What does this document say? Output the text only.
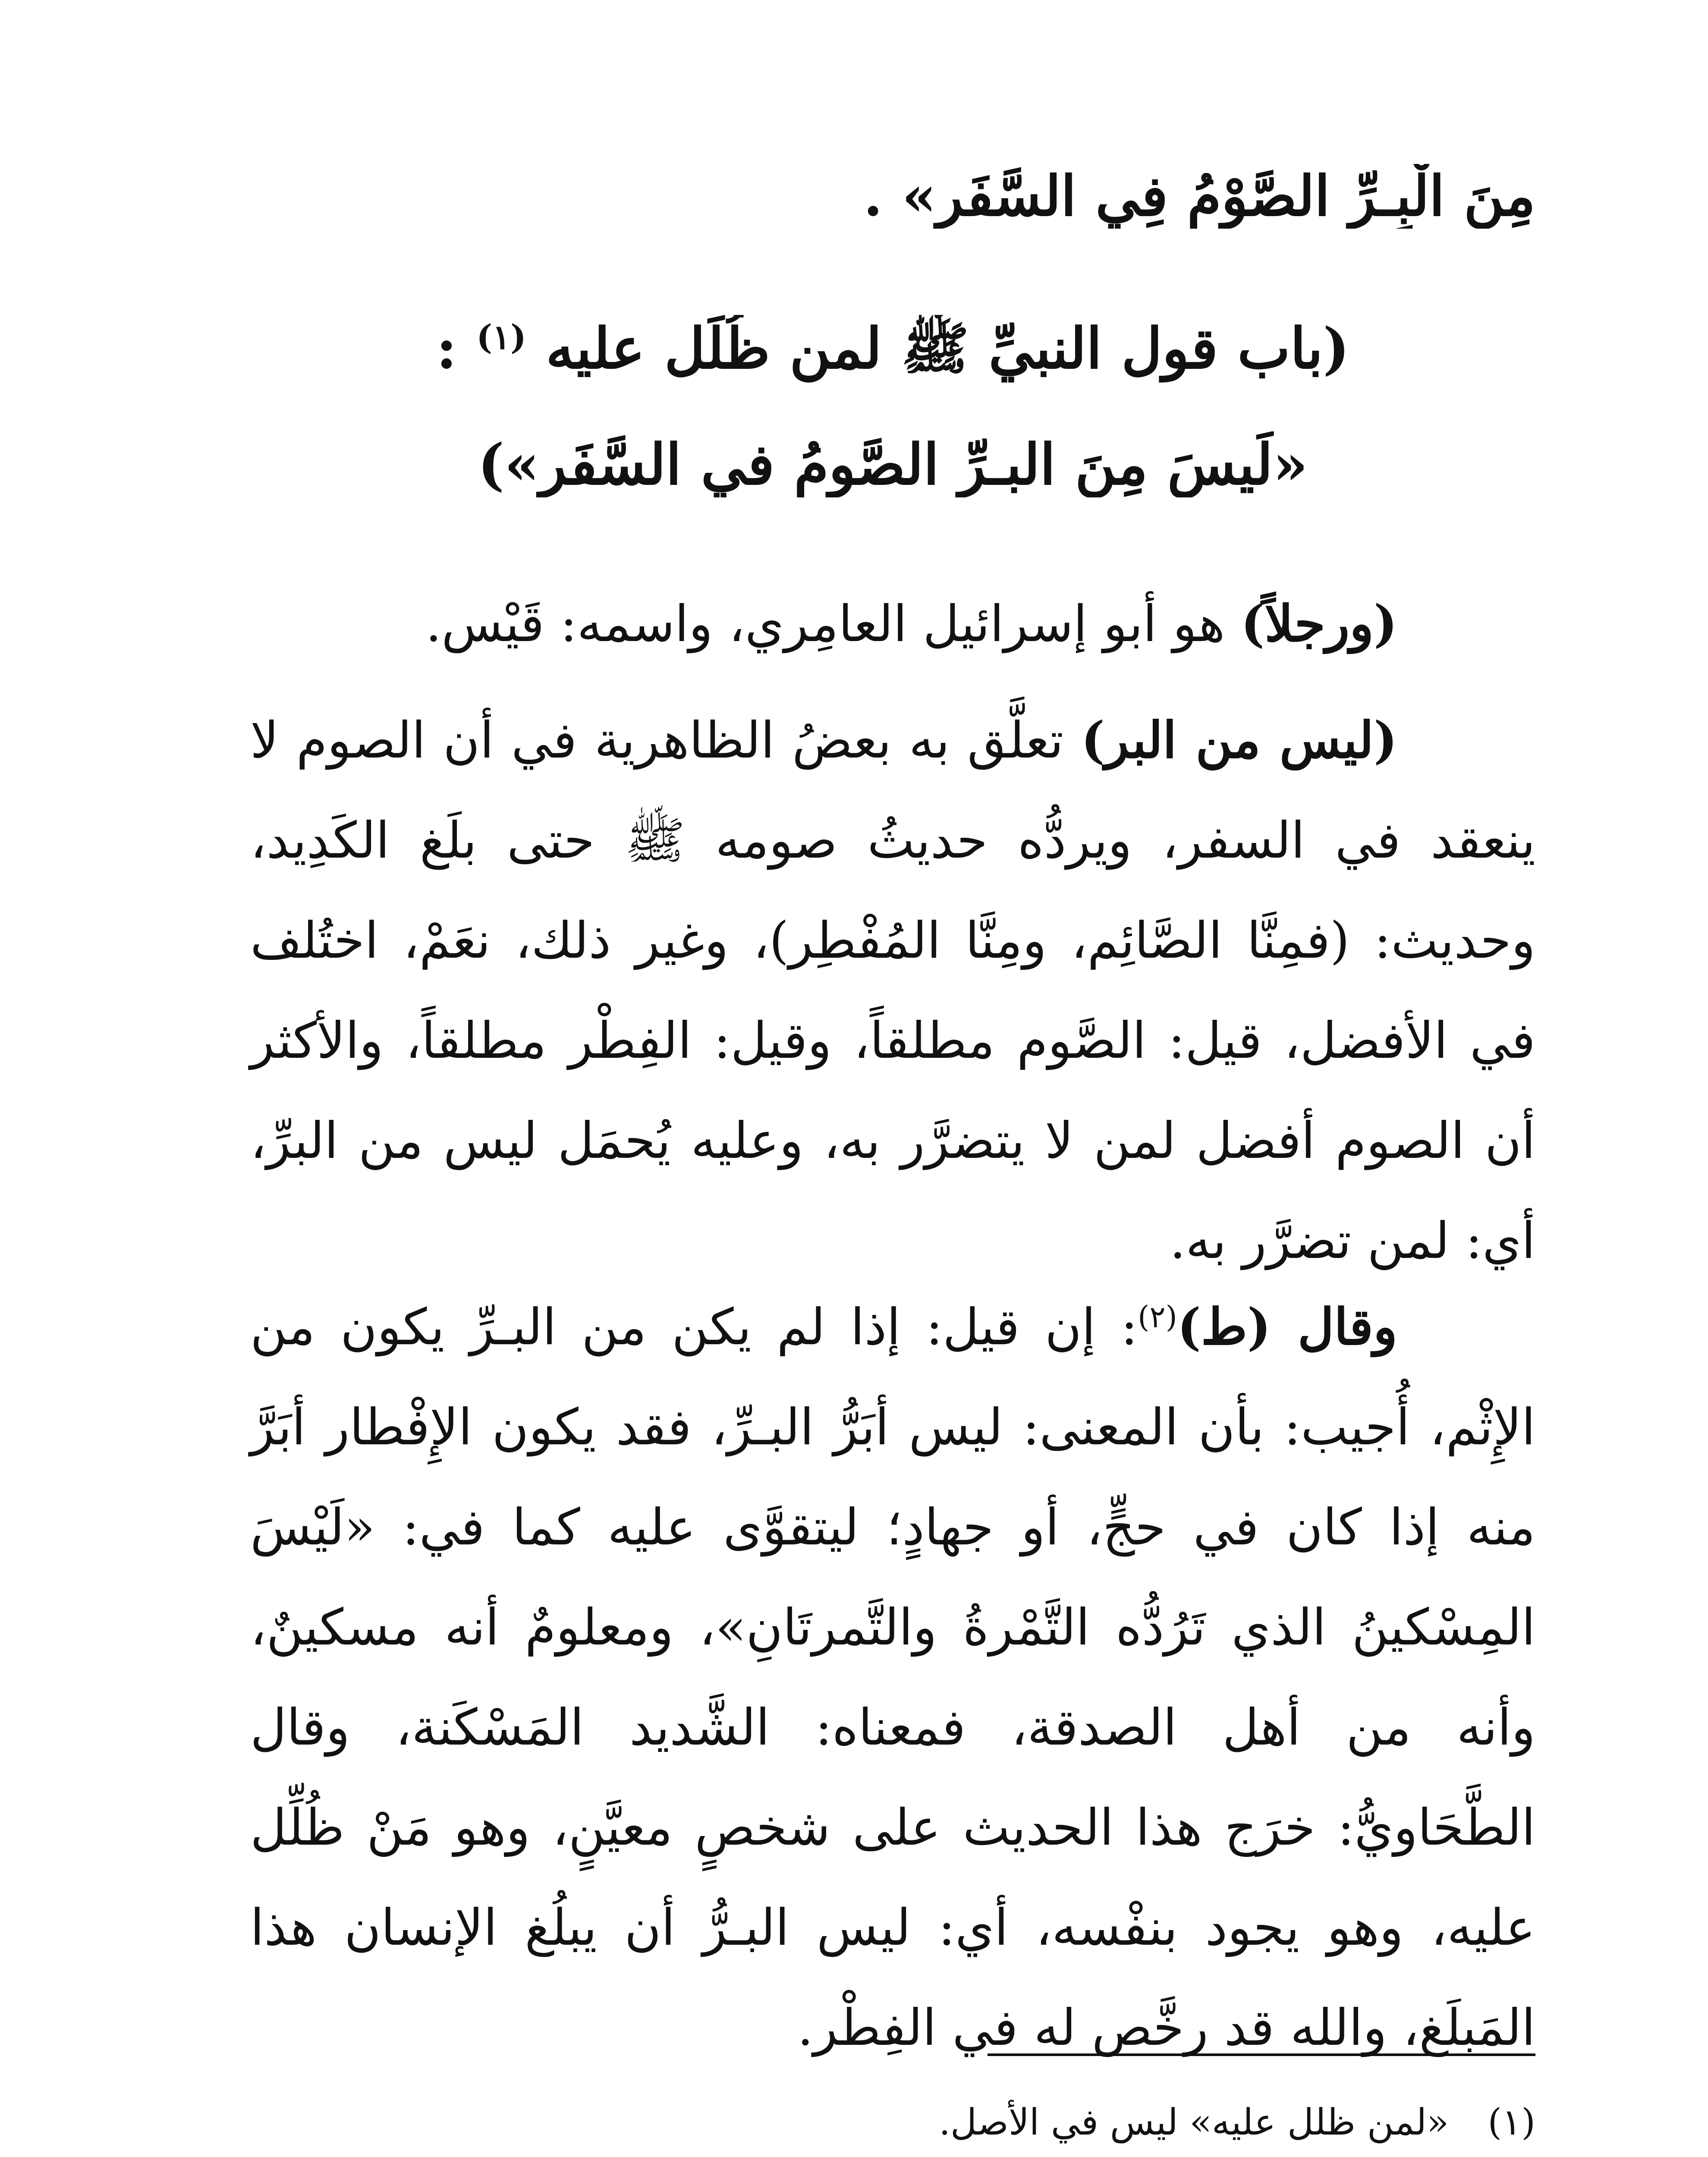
مِنَ الْبِـرِّ الصَّوْمُ فِي السَّفَرِ» .
(باب قول النبيِّ ﷺ لمن ظُلِّل عليه $^{(١)}$ :
«لَيسَ مِنَ البـرِّ الصَّومُ في السَّفَر»)
(ورجلاً) هو أبو إسرائيل العامِري، واسمه: قَيْس.
(ليس من البر) تعلَّق به بعضُ الظاهرية في أن الصوم لا ينعقد في السفر، ويردُّه حديثُ صومه ﷺ حتى بلَغ الكَدِيد، وحديث: (فمِنَّا الصَّائِم، ومِنَّا المُفْطِر)، وغير ذلك، نعَمْ، اختُلف في الأفضل، قيل: الصَّوم مطلقاً، وقيل: الفِطْر مطلقاً، والأكثر أن الصوم أفضل لمن لا يتضرَّر به، وعليه يُحمَل ليس من البرِّ، أي: لمن تضرَّر به.
وقال (ط)$^{(٢)}$: إن قيل: إذا لم يكن من البـرِّ يكون من الإِثْم، أُجيب: بأن المعنى: ليس أبَرُّ البـرِّ، فقد يكون الإِفْطار أبَرَّ منه إذا كان في حجٍّ، أو جهادٍ؛ ليتقوَّى عليه كما في: «لَيْسَ المِسْكينُ الذي تَرُدُّه التَّمْرةُ والتَّمرتَانِ»، ومعلومٌ أنه مسكينٌ، وأنه من أهل الصدقة، فمعناه: الشَّديد المَسْكَنة، وقال الطَّحَاويُّ: خرَج هذا الحديث على شخصٍ معيَّنٍ، وهو مَنْ ظُلِّل عليه، وهو يجود بنفْسه، أي: ليس البـرُّ أن يبلُغ الإنسان هذا المَبلَغ، والله قد رخَّص له في الفِطْر.
(١)«لمن ظلل عليه» ليس في الأصل.
